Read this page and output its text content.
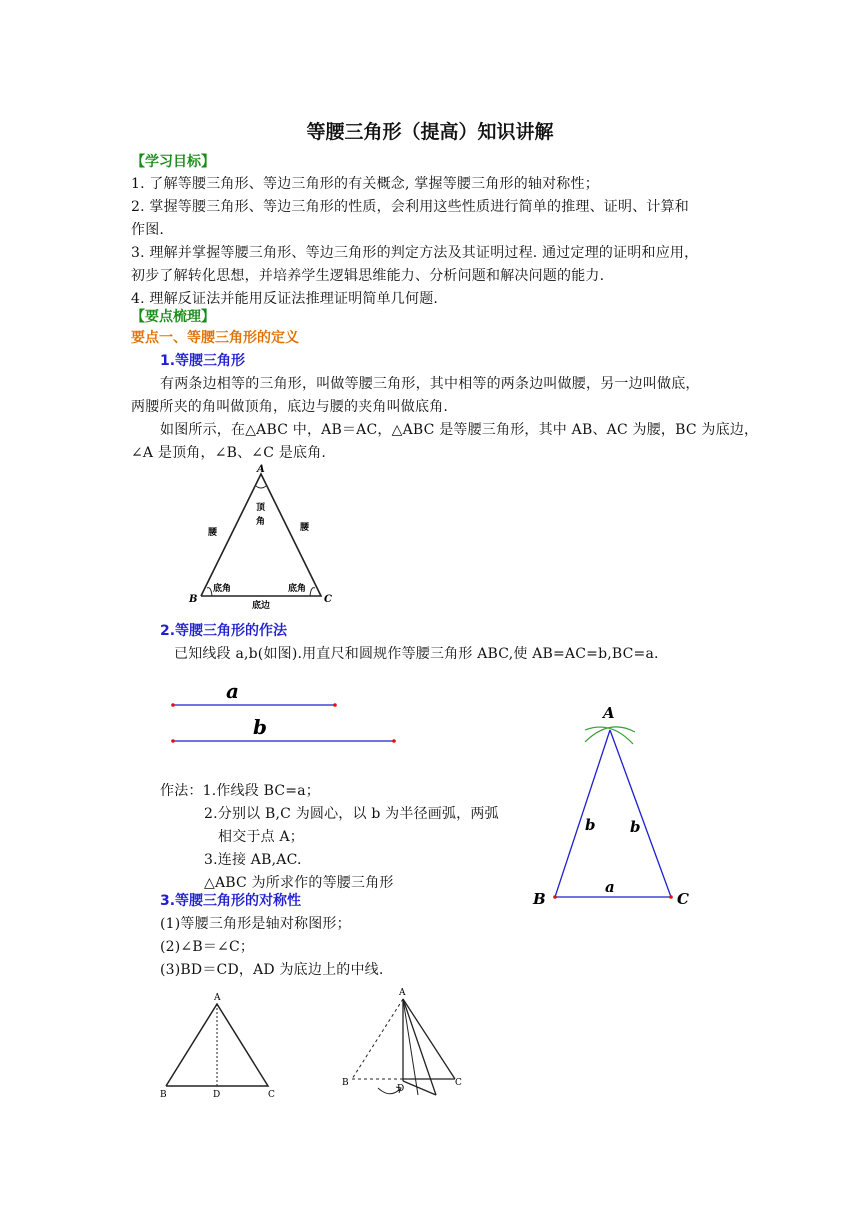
等腰三角形（提高）知识讲解
【学习目标】
1. 了解等腰三角形、等边三角形的有关概念, 掌握等腰三角形的轴对称性；
2. 掌握等腰三角形、等边三角形的性质，会利用这些性质进行简单的推理、证明、计算和
作图.
3. 理解并掌握等腰三角形、等边三角形的判定方法及其证明过程. 通过定理的证明和应用，
初步了解转化思想，并培养学生逻辑思维能力、分析问题和解决问题的能力.
4. 理解反证法并能用反证法推理证明简单几何题.
【要点梳理】
要点一、等腰三角形的定义
1.等腰三角形
有两条边相等的三角形，叫做等腰三角形，其中相等的两条边叫做腰，另一边叫做底，
两腰所夹的角叫做顶角，底边与腰的夹角叫做底角.
如图所示，在△ABC 中，AB＝AC，△ABC 是等腰三角形，其中 AB、AC 为腰，BC 为底边，
∠A 是顶角，∠B、∠C 是底角.
A
B	C
顶
角
腰	腰
底角	底角
底边
2.等腰三角形的作法
已知线段 a,b(如图).用直尺和圆规作等腰三角形 ABC,使 AB=AC=b,BC=a.
a
b
作法：1.作线段 BC=a；
2.分别以 B,C 为圆心，以 b 为半径画弧，两弧
相交于点 A；
3.连接 AB,AC.
△ABC 为所求作的等腰三角形
A
B	C
b b
a
3.等腰三角形的对称性
(1)等腰三角形是轴对称图形；
(2)∠B＝∠C；
(3)BD＝CD，AD 为底边上的中线.
A
B	D	C
A
B
D
C
